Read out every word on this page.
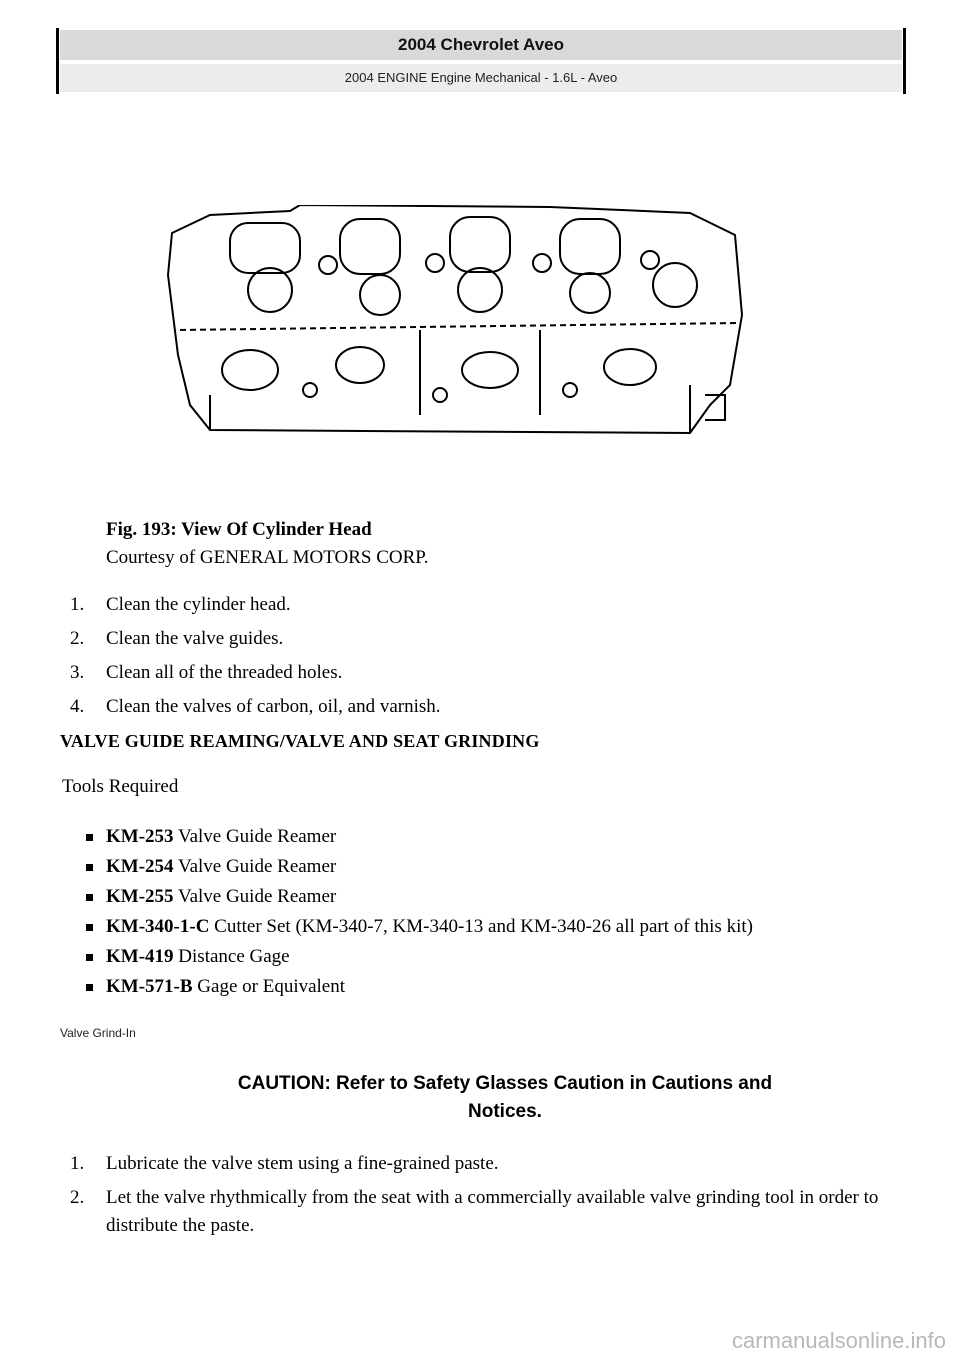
2004 Chevrolet Aveo
2004 ENGINE Engine Mechanical - 1.6L - Aveo
Fig. 193: View Of Cylinder Head
Courtesy of GENERAL MOTORS CORP.
1. Clean the cylinder head.
2. Clean the valve guides.
3. Clean all of the threaded holes.
4. Clean the valves of carbon, oil, and varnish.
VALVE GUIDE REAMING/VALVE AND SEAT GRINDING
Tools Required
KM-253 Valve Guide Reamer
KM-254 Valve Guide Reamer
KM-255 Valve Guide Reamer
KM-340-1-C Cutter Set (KM-340-7, KM-340-13 and KM-340-26 all part of this kit)
KM-419 Distance Gage
KM-571-B Gage or Equivalent
Valve Grind-In
CAUTION: Refer to Safety Glasses Caution in Cautions and
Notices.
1. Lubricate the valve stem using a fine-grained paste.
2. Let the valve rhythmically from the seat with a commercially available valve grinding tool in order to distribute the paste.
carmanualsonline.info
